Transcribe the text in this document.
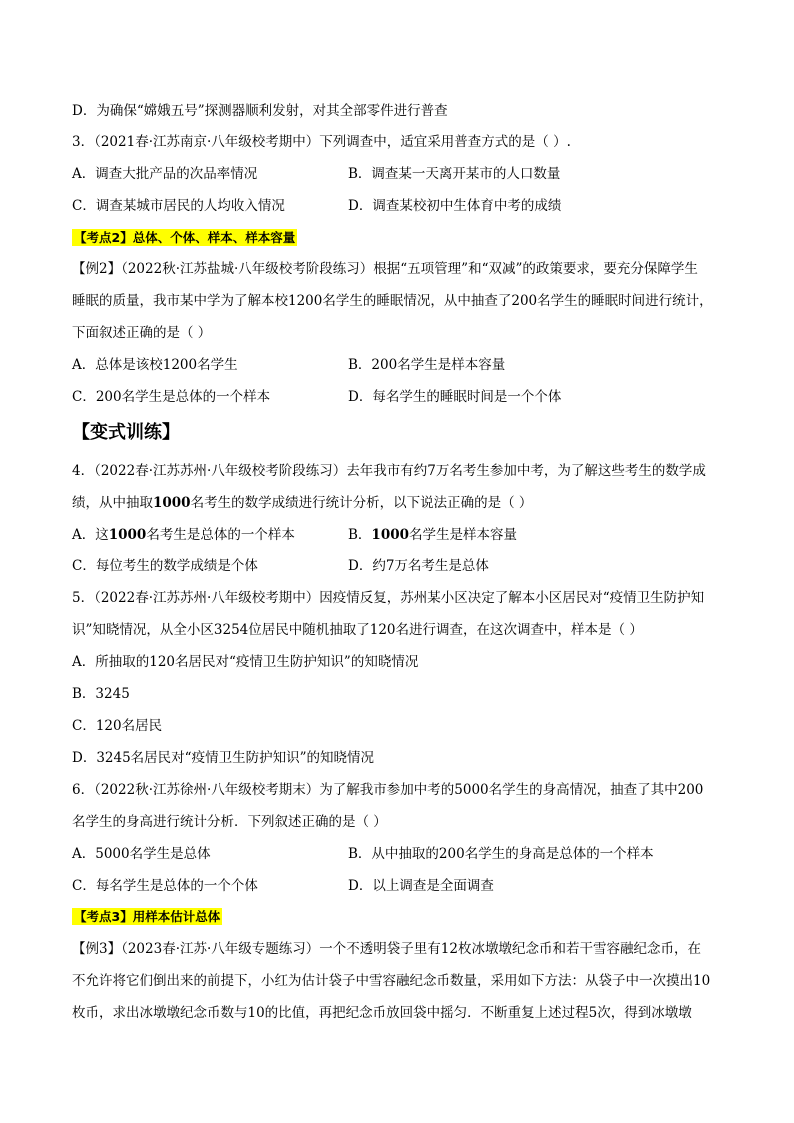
D．为确保“嫦娥五号”探测器顺利发射，对其全部零件进行普查
3．（2021春·江苏南京·八年级校考期中）下列调查中，适宜采用普查方式的是（ ）.
A．调查大批产品的次品率情况	B．调查某一天离开某市的人口数量
C．调查某城市居民的人均收入情况	D．调查某校初中生体育中考的成绩
【考点2】总体、个体、样本、样本容量
【例2】（2022秋·江苏盐城·八年级校考阶段练习）根据“五项管理”和“双减”的政策要求，要充分保障学生
睡眠的质量，我市某中学为了解本校1200名学生的睡眠情况，从中抽查了200名学生的睡眠时间进行统计，
下面叙述正确的是（ ）
A．总体是该校1200名学生	B．200名学生是样本容量
C．200名学生是总体的一个样本	D．每名学生的睡眠时间是一个个体
【变式训练】
4．（2022春·江苏苏州·八年级校考阶段练习）去年我市有约7万名考生参加中考，为了解这些考生的数学成
绩，从中抽取1000名考生的数学成绩进行统计分析，以下说法正确的是（ ）
A．这1000名考生是总体的一个样本	B．1000名学生是样本容量
C．每位考生的数学成绩是个体	D．约7万名考生是总体
5．（2022春·江苏苏州·八年级校考期中）因疫情反复，苏州某小区决定了解本小区居民对“疫情卫生防护知
识”知晓情况，从全小区3254位居民中随机抽取了120名进行调查，在这次调查中，样本是（ ）
A．所抽取的120名居民对“疫情卫生防护知识”的知晓情况
B．3245
C．120名居民
D．3245名居民对“疫情卫生防护知识”的知晓情况
6．（2022秋·江苏徐州·八年级校考期末）为了解我市参加中考的5000名学生的身高情况，抽查了其中200
名学生的身高进行统计分析．下列叙述正确的是（ ）
A．5000名学生是总体	B．从中抽取的200名学生的身高是总体的一个样本
C．每名学生是总体的一个个体	D．以上调查是全面调查
【考点3】用样本估计总体
【例3】（2023春·江苏·八年级专题练习）一个不透明袋子里有12枚冰墩墩纪念币和若干雪容融纪念币，在
不允许将它们倒出来的前提下，小红为估计袋子中雪容融纪念币数量，采用如下方法：从袋子中一次摸出10
枚币，求出冰墩墩纪念币数与10的比值，再把纪念币放回袋中摇匀．不断重复上述过程5次，得到冰墩墩
